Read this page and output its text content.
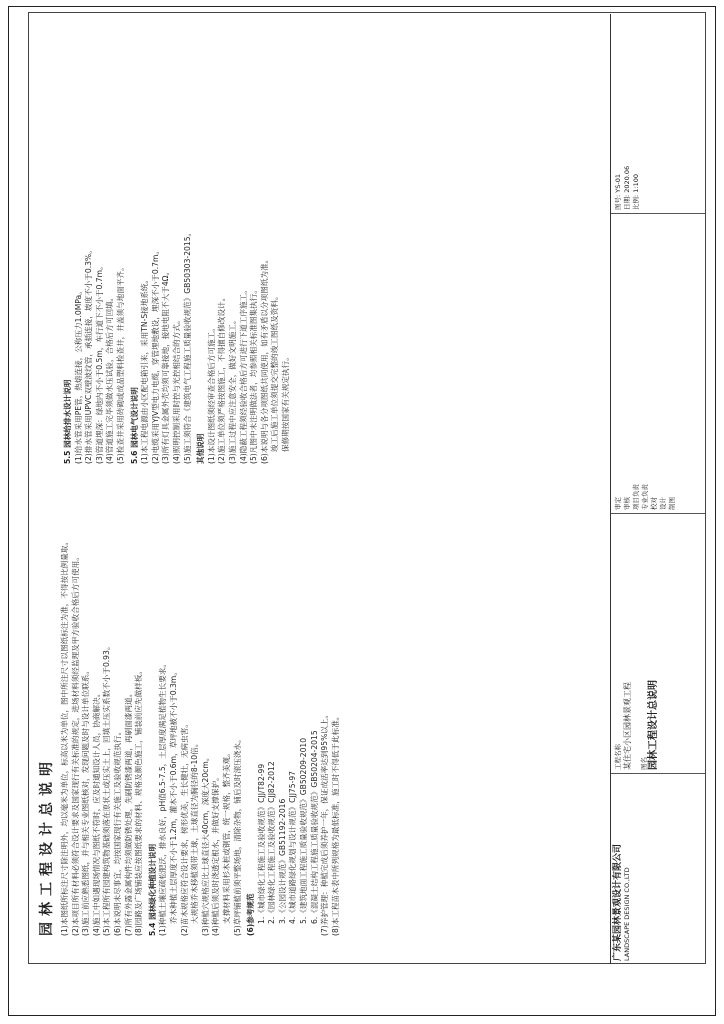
园林工程设计总说明 (1)本图纸所标注尺寸除注明外，均以毫米为单位，标高以米为单位，图中所注尺寸以图纸标注为准，不得按比例量取。 (2)本项目所有材料必须符合设计要求及国家现行有关标准的规定，进场材料须经监理及甲方验收合格后方可使用。 (3)施工前应熟悉图纸，并与相关专业图纸核对，发现问题及时与设计单位联系。 (4)施工中如遇现场情况与图纸不符时，应及时通知设计人员，协商解决。 (5)本工程所有园建构筑物基础须落在原状土或压实土上，回填土压实系数不小于0.93。 (6)本说明未尽事宜，均按国家现行有关施工及验收规范执行。 (7)所有外露金属构件均须做防锈处理，先刷防锈漆两道，再刷面漆两道。 (8)园路及广场铺装应按图纸要求的材料、规格及颜色施工，铺装前应先做样板。 5.4 园林绿化种植设计说明 (1)种植土壤应疏松肥沃，排水良好，pH值6.5-7.5，土层厚度满足植物生长要求。 乔木种植土层厚度不小于1.2m，灌木不小于0.6m，草坪地被不小于0.3m。 (2)苗木规格应符合设计要求，树形优美，生长健壮，无病虫害。 大规格乔木移植须带土球，土球直径为胸径的8-10倍。 (3)种植穴规格应比土球直径大40cm，深度大20cm。 (4)种植后须及时浇透定根水，并做好支撑保护。 支撑材料采用杉木桩或钢管，统一规格，整齐美观。 (5)草坪铺植前须平整场地，清除杂物，铺后及时滚压浇水。 (6)参考规范 1.《城市绿化工程施工及验收规范》CJJ/T82-99 2.《园林绿化工程施工及验收规范》CJJ82-2012 3.《公园设计规范》GB51192-2016 4.《城市道路绿化规划与设计规范》CJJ75-97 5.《建筑地面工程施工质量验收规范》GB50209-2010 6.《混凝土结构工程施工质量验收规范》GB50204-2015 (7)养护管理：种植完成后须养护一年，保证成活率达到95%以上。 (8)本工程苗木表中所列规格为最低标准，施工时不得低于此标准。

5.5 园林给排水设计说明 (1)给水管采用PE管，热熔连接，公称压力1.0MPa。 (2)排水管采用UPVC双壁波纹管，承插连接，坡度不小于0.3%。 (3)管道埋深：绿地内不小于0.5m，车行道下不小于0.7m。 (4)管道施工完毕须做水压试验，合格后方可回填。 (5)检查井采用砖砌或成品塑料检查井，井盖须与地面平齐。 5.6 园林电气设计说明 (1)本工程电源由小区配电箱引来，采用TN-S接地系统。 (2)电缆采用YJV型电力电缆，穿管埋地敷设，埋深不小于0.7m。 (3)所有灯具金属外壳均须可靠接地，接地电阻不大于4Ω。 (4)照明控制采用时控与光控相结合的方式。 (5)施工须符合《建筑电气工程施工质量验收规范》GB50303-2015。 其他说明 (1)本设计图纸须经审查合格后方可施工。 (2)施工单位须严格按图施工，不得擅自修改设计。 (3)施工过程中应注意安全，做好文明施工。 (4)隐蔽工程须经验收合格后方可进行下道工序施工。 (5)凡图中未注明做法者，均参照相关标准图集执行。 (6)本说明与各分项图纸共同使用，如有矛盾以分项图纸为准。 竣工后施工单位须提交完整的竣工图纸及资料。 保修期按国家有关规定执行。

广东某园林景观设计有限公司 LANDSCAPE DESIGN CO.,LTD

工程名称 某住宅小区园林景观工程 图名 园林工程设计总说明

审定 审核 项目负责 专业负责 校对 设计 制图

图号: YS-01

日期: 2020.06

比例: 1:100
